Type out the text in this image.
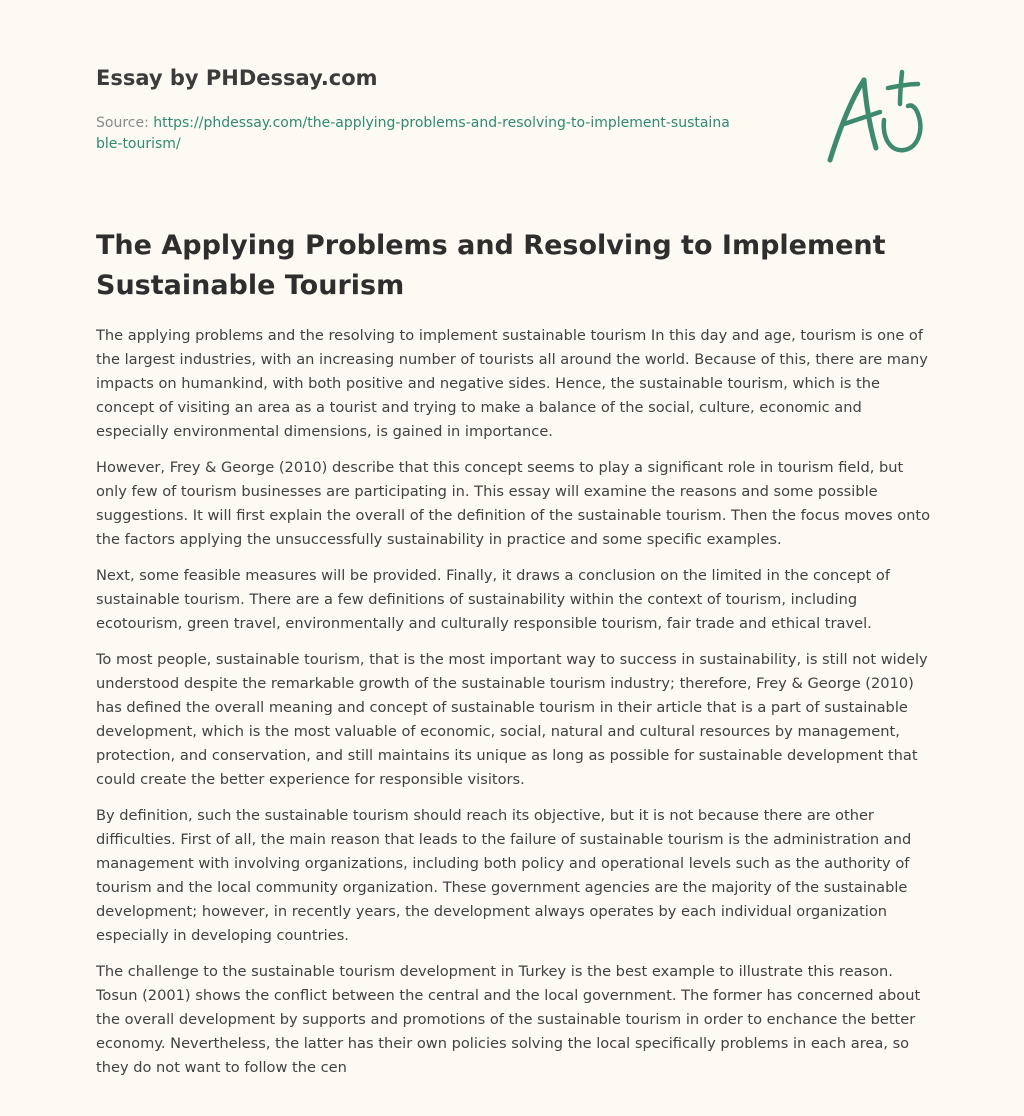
Essay by PHDessay.com
Source: https://phdessay.com/the-applying-problems-and-resolving-to-implement-sustainable-tourism/
The Applying Problems and Resolving to Implement Sustainable Tourism

The applying problems and the resolving to implement sustainable tourism In this day and age, tourism is one of the largest industries, with an increasing number of tourists all around the world. Because of this, there are many impacts on humankind, with both positive and negative sides. Hence, the sustainable tourism, which is the concept of visiting an area as a tourist and trying to make a balance of the social, culture, economic and especially environmental dimensions, is gained in importance.

However, Frey & George (2010) describe that this concept seems to play a significant role in tourism field, but only few of tourism businesses are participating in. This essay will examine the reasons and some possible suggestions. It will first explain the overall of the definition of the sustainable tourism. Then the focus moves onto the factors applying the unsuccessfully sustainability in practice and some specific examples.

Next, some feasible measures will be provided. Finally, it draws a conclusion on the limited in the concept of sustainable tourism. There are a few definitions of sustainability within the context of tourism, including ecotourism, green travel, environmentally and culturally responsible tourism, fair trade and ethical travel.

To most people, sustainable tourism, that is the most important way to success in sustainability, is still not widely understood despite the remarkable growth of the sustainable tourism industry; therefore, Frey & George (2010) has defined the overall meaning and concept of sustainable tourism in their article that is a part of sustainable development, which is the most valuable of economic, social, natural and cultural resources by management, protection, and conservation, and still maintains its unique as long as possible for sustainable development that could create the better experience for responsible visitors.

By definition, such the sustainable tourism should reach its objective, but it is not because there are other difficulties. First of all, the main reason that leads to the failure of sustainable tourism is the administration and management with involving organizations, including both policy and operational levels such as the authority of tourism and the local community organization. These government agencies are the majority of the sustainable development; however, in recently years, the development always operates by each individual organization especially in developing countries.

The challenge to the sustainable tourism development in Turkey is the best example to illustrate this reason. Tosun (2001) shows the conflict between the central and the local government. The former has concerned about the overall development by supports and promotions of the sustainable tourism in order to enchance the better economy. Nevertheless, the latter has their own policies solving the local specifically problems in each area, so they do not want to follow the cen
